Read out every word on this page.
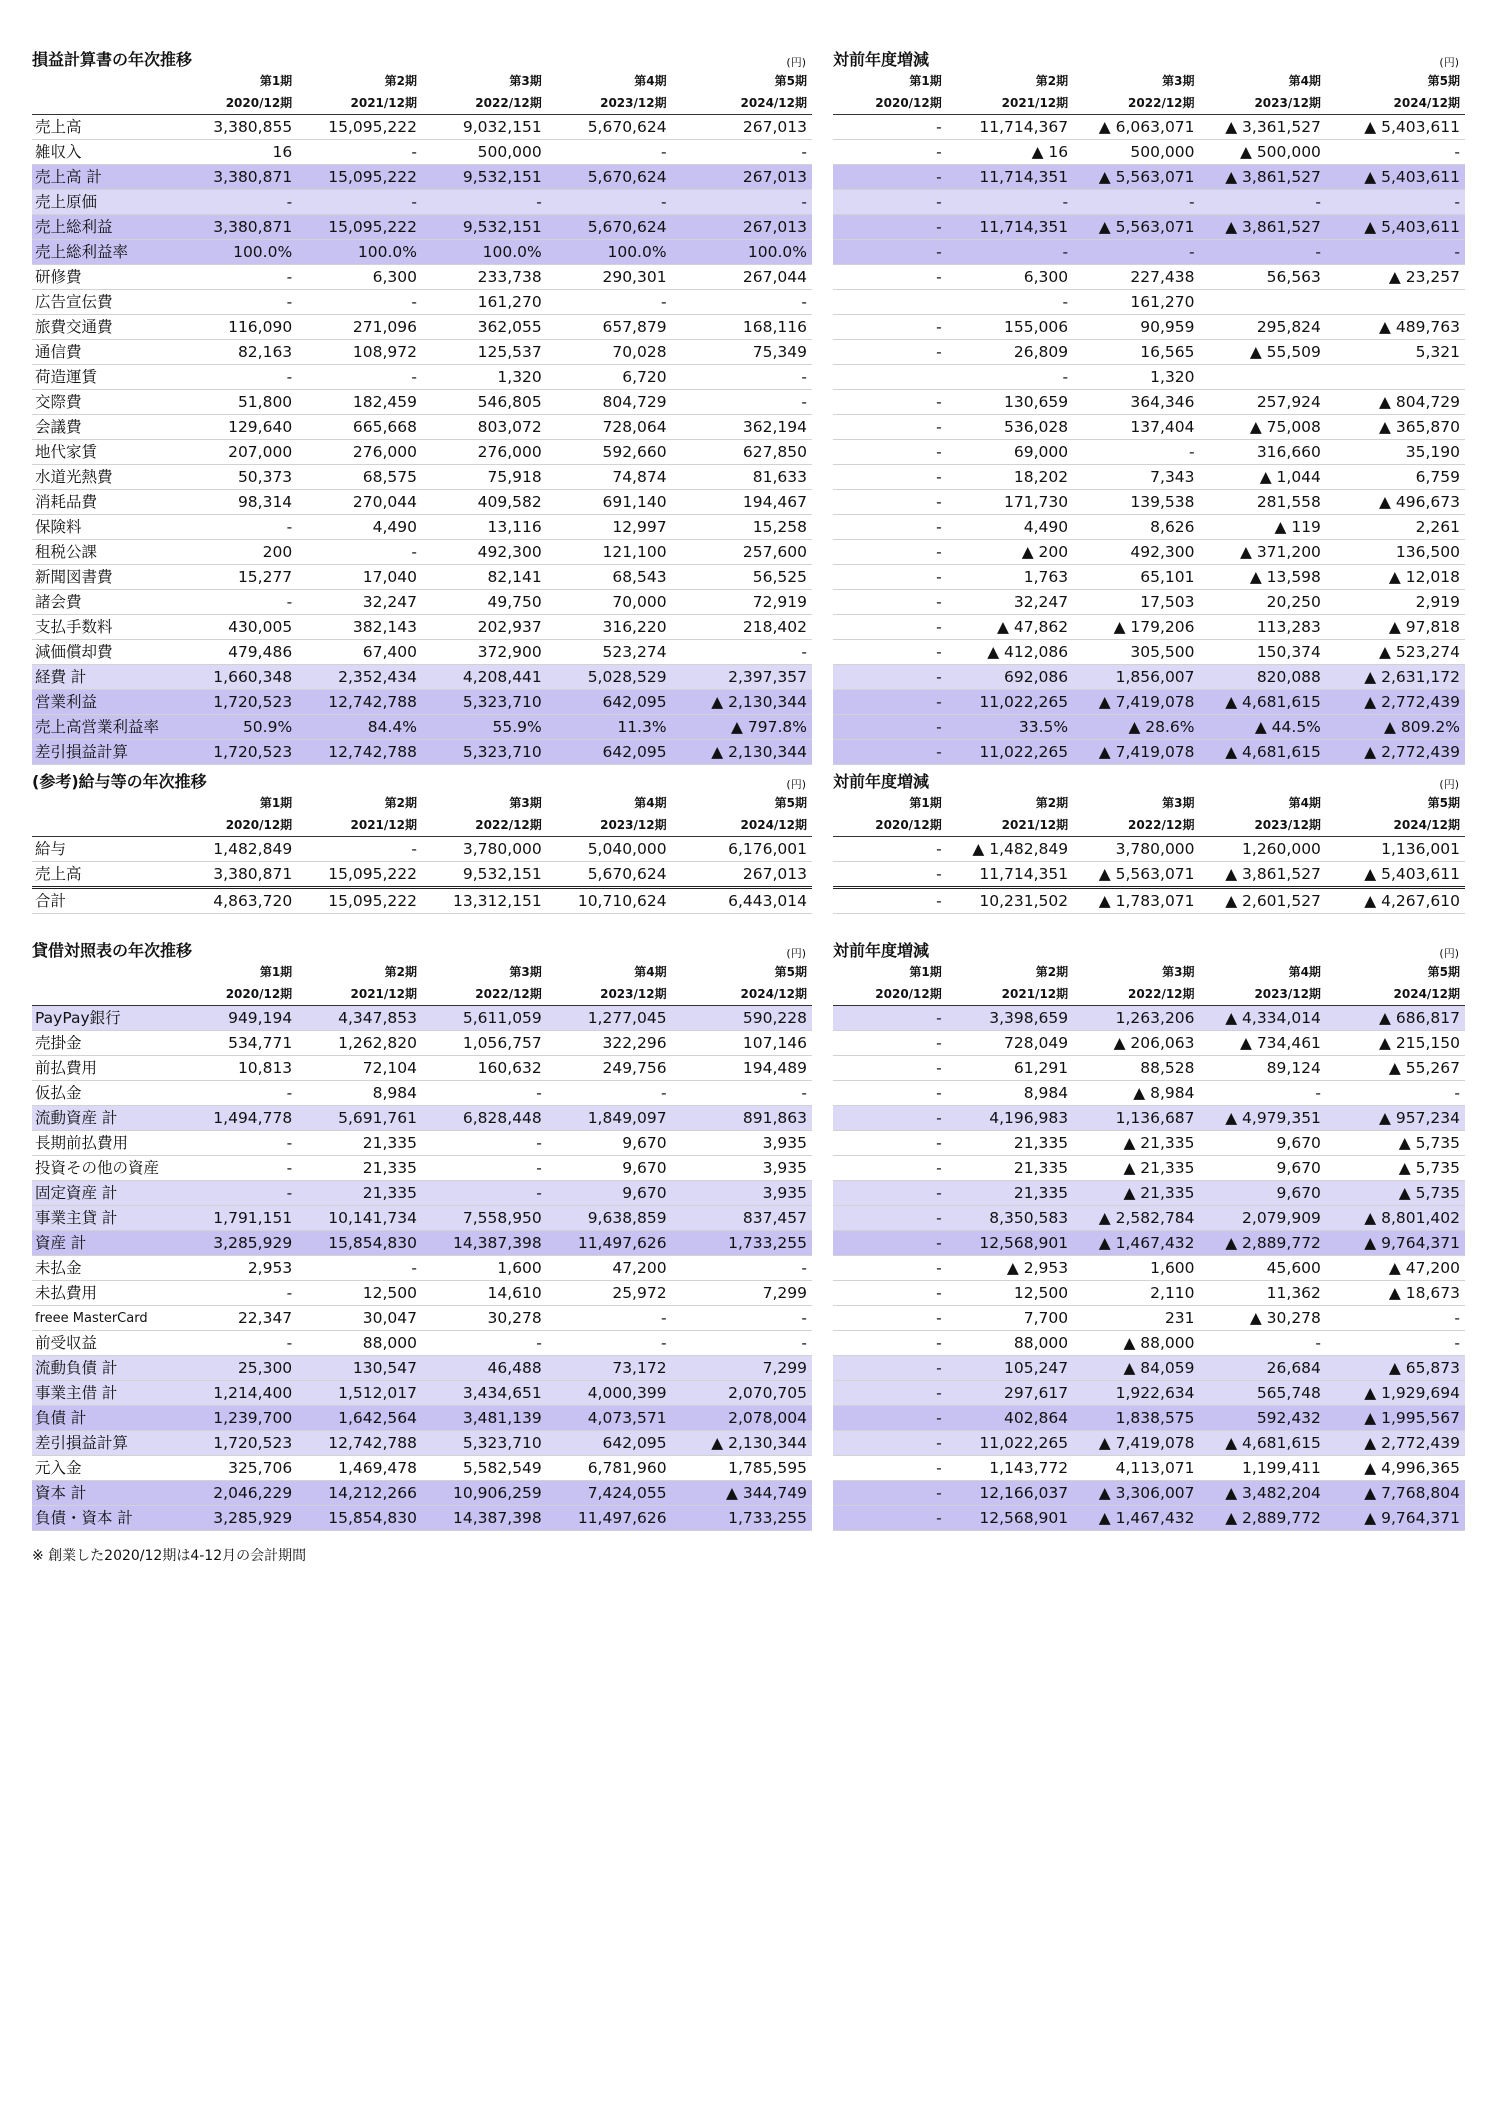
損益計算書の年次推移	(円)
	第1期	第2期	第3期	第4期	第5期
	2020/12期	2021/12期	2022/12期	2023/12期	2024/12期
売上高	3,380,855	15,095,222	9,032,151	5,670,624	267,013
雑収入	16	-	500,000	-	-
売上高 計	3,380,871	15,095,222	9,532,151	5,670,624	267,013
売上原価	-	-	-	-	-
売上総利益	3,380,871	15,095,222	9,532,151	5,670,624	267,013
売上総利益率	100.0%	100.0%	100.0%	100.0%	100.0%
研修費	-	6,300	233,738	290,301	267,044
広告宣伝費	-	-	161,270	-	-
旅費交通費	116,090	271,096	362,055	657,879	168,116
通信費	82,163	108,972	125,537	70,028	75,349
荷造運賃	-	-	1,320	6,720	-
交際費	51,800	182,459	546,805	804,729	-
会議費	129,640	665,668	803,072	728,064	362,194
地代家賃	207,000	276,000	276,000	592,660	627,850
水道光熱費	50,373	68,575	75,918	74,874	81,633
消耗品費	98,314	270,044	409,582	691,140	194,467
保険料	-	4,490	13,116	12,997	15,258
租税公課	200	-	492,300	121,100	257,600
新聞図書費	15,277	17,040	82,141	68,543	56,525
諸会費	-	32,247	49,750	70,000	72,919
支払手数料	430,005	382,143	202,937	316,220	218,402
減価償却費	479,486	67,400	372,900	523,274	-
経費 計	1,660,348	2,352,434	4,208,441	5,028,529	2,397,357
営業利益	1,720,523	12,742,788	5,323,710	642,095	▲ 2,130,344
売上高営業利益率	50.9%	84.4%	55.9%	11.3%	▲ 797.8%
差引損益計算	1,720,523	12,742,788	5,323,710	642,095	▲ 2,130,344
対前年度増減	(円)
第1期	第2期	第3期	第4期	第5期
2020/12期	2021/12期	2022/12期	2023/12期	2024/12期
-	11,714,367	▲ 6,063,071	▲ 3,361,527	▲ 5,403,611
-	▲ 16	500,000	▲ 500,000	-
-	11,714,351	▲ 5,563,071	▲ 3,861,527	▲ 5,403,611
-	-	-	-	-
-	11,714,351	▲ 5,563,071	▲ 3,861,527	▲ 5,403,611
-	-	-	-	-
-	6,300	227,438	56,563	▲ 23,257
	-	161,270		
-	155,006	90,959	295,824	▲ 489,763
-	26,809	16,565	▲ 55,509	5,321
	-	1,320		
-	130,659	364,346	257,924	▲ 804,729
-	536,028	137,404	▲ 75,008	▲ 365,870
-	69,000	-	316,660	35,190
-	18,202	7,343	▲ 1,044	6,759
-	171,730	139,538	281,558	▲ 496,673
-	4,490	8,626	▲ 119	2,261
-	▲ 200	492,300	▲ 371,200	136,500
-	1,763	65,101	▲ 13,598	▲ 12,018
-	32,247	17,503	20,250	2,919
-	▲ 47,862	▲ 179,206	113,283	▲ 97,818
-	▲ 412,086	305,500	150,374	▲ 523,274
-	692,086	1,856,007	820,088	▲ 2,631,172
-	11,022,265	▲ 7,419,078	▲ 4,681,615	▲ 2,772,439
-	33.5%	▲ 28.6%	▲ 44.5%	▲ 809.2%
-	11,022,265	▲ 7,419,078	▲ 4,681,615	▲ 2,772,439
(参考)給与等の年次推移	(円)
	第1期	第2期	第3期	第4期	第5期
	2020/12期	2021/12期	2022/12期	2023/12期	2024/12期
給与	1,482,849	-	3,780,000	5,040,000	6,176,001
売上高	3,380,871	15,095,222	9,532,151	5,670,624	267,013
合計	4,863,720	15,095,222	13,312,151	10,710,624	6,443,014
対前年度増減	(円)
第1期	第2期	第3期	第4期	第5期
2020/12期	2021/12期	2022/12期	2023/12期	2024/12期
-	▲ 1,482,849	3,780,000	1,260,000	1,136,001
-	11,714,351	▲ 5,563,071	▲ 3,861,527	▲ 5,403,611
-	10,231,502	▲ 1,783,071	▲ 2,601,527	▲ 4,267,610
貸借対照表の年次推移	(円)
	第1期	第2期	第3期	第4期	第5期
	2020/12期	2021/12期	2022/12期	2023/12期	2024/12期
PayPay銀行	949,194	4,347,853	5,611,059	1,277,045	590,228
売掛金	534,771	1,262,820	1,056,757	322,296	107,146
前払費用	10,813	72,104	160,632	249,756	194,489
仮払金	-	8,984	-	-	-
流動資産 計	1,494,778	5,691,761	6,828,448	1,849,097	891,863
長期前払費用	-	21,335	-	9,670	3,935
投資その他の資産	-	21,335	-	9,670	3,935
固定資産 計	-	21,335	-	9,670	3,935
事業主貸 計	1,791,151	10,141,734	7,558,950	9,638,859	837,457
資産 計	3,285,929	15,854,830	14,387,398	11,497,626	1,733,255
未払金	2,953	-	1,600	47,200	-
未払費用	-	12,500	14,610	25,972	7,299
freee MasterCard	22,347	30,047	30,278	-	-
前受収益	-	88,000	-	-	-
流動負債 計	25,300	130,547	46,488	73,172	7,299
事業主借 計	1,214,400	1,512,017	3,434,651	4,000,399	2,070,705
負債 計	1,239,700	1,642,564	3,481,139	4,073,571	2,078,004
差引損益計算	1,720,523	12,742,788	5,323,710	642,095	▲ 2,130,344
元入金	325,706	1,469,478	5,582,549	6,781,960	1,785,595
資本 計	2,046,229	14,212,266	10,906,259	7,424,055	▲ 344,749
負債・資本 計	3,285,929	15,854,830	14,387,398	11,497,626	1,733,255
対前年度増減	(円)
第1期	第2期	第3期	第4期	第5期
2020/12期	2021/12期	2022/12期	2023/12期	2024/12期
-	3,398,659	1,263,206	▲ 4,334,014	▲ 686,817
-	728,049	▲ 206,063	▲ 734,461	▲ 215,150
-	61,291	88,528	89,124	▲ 55,267
-	8,984	▲ 8,984	-	-
-	4,196,983	1,136,687	▲ 4,979,351	▲ 957,234
-	21,335	▲ 21,335	9,670	▲ 5,735
-	21,335	▲ 21,335	9,670	▲ 5,735
-	21,335	▲ 21,335	9,670	▲ 5,735
-	8,350,583	▲ 2,582,784	2,079,909	▲ 8,801,402
-	12,568,901	▲ 1,467,432	▲ 2,889,772	▲ 9,764,371
-	▲ 2,953	1,600	45,600	▲ 47,200
-	12,500	2,110	11,362	▲ 18,673
-	7,700	231	▲ 30,278	-
-	88,000	▲ 88,000	-	-
-	105,247	▲ 84,059	26,684	▲ 65,873
-	297,617	1,922,634	565,748	▲ 1,929,694
-	402,864	1,838,575	592,432	▲ 1,995,567
-	11,022,265	▲ 7,419,078	▲ 4,681,615	▲ 2,772,439
-	1,143,772	4,113,071	1,199,411	▲ 4,996,365
-	12,166,037	▲ 3,306,007	▲ 3,482,204	▲ 7,768,804
-	12,568,901	▲ 1,467,432	▲ 2,889,772	▲ 9,764,371
※ 創業した2020/12期は4-12月の会計期間
